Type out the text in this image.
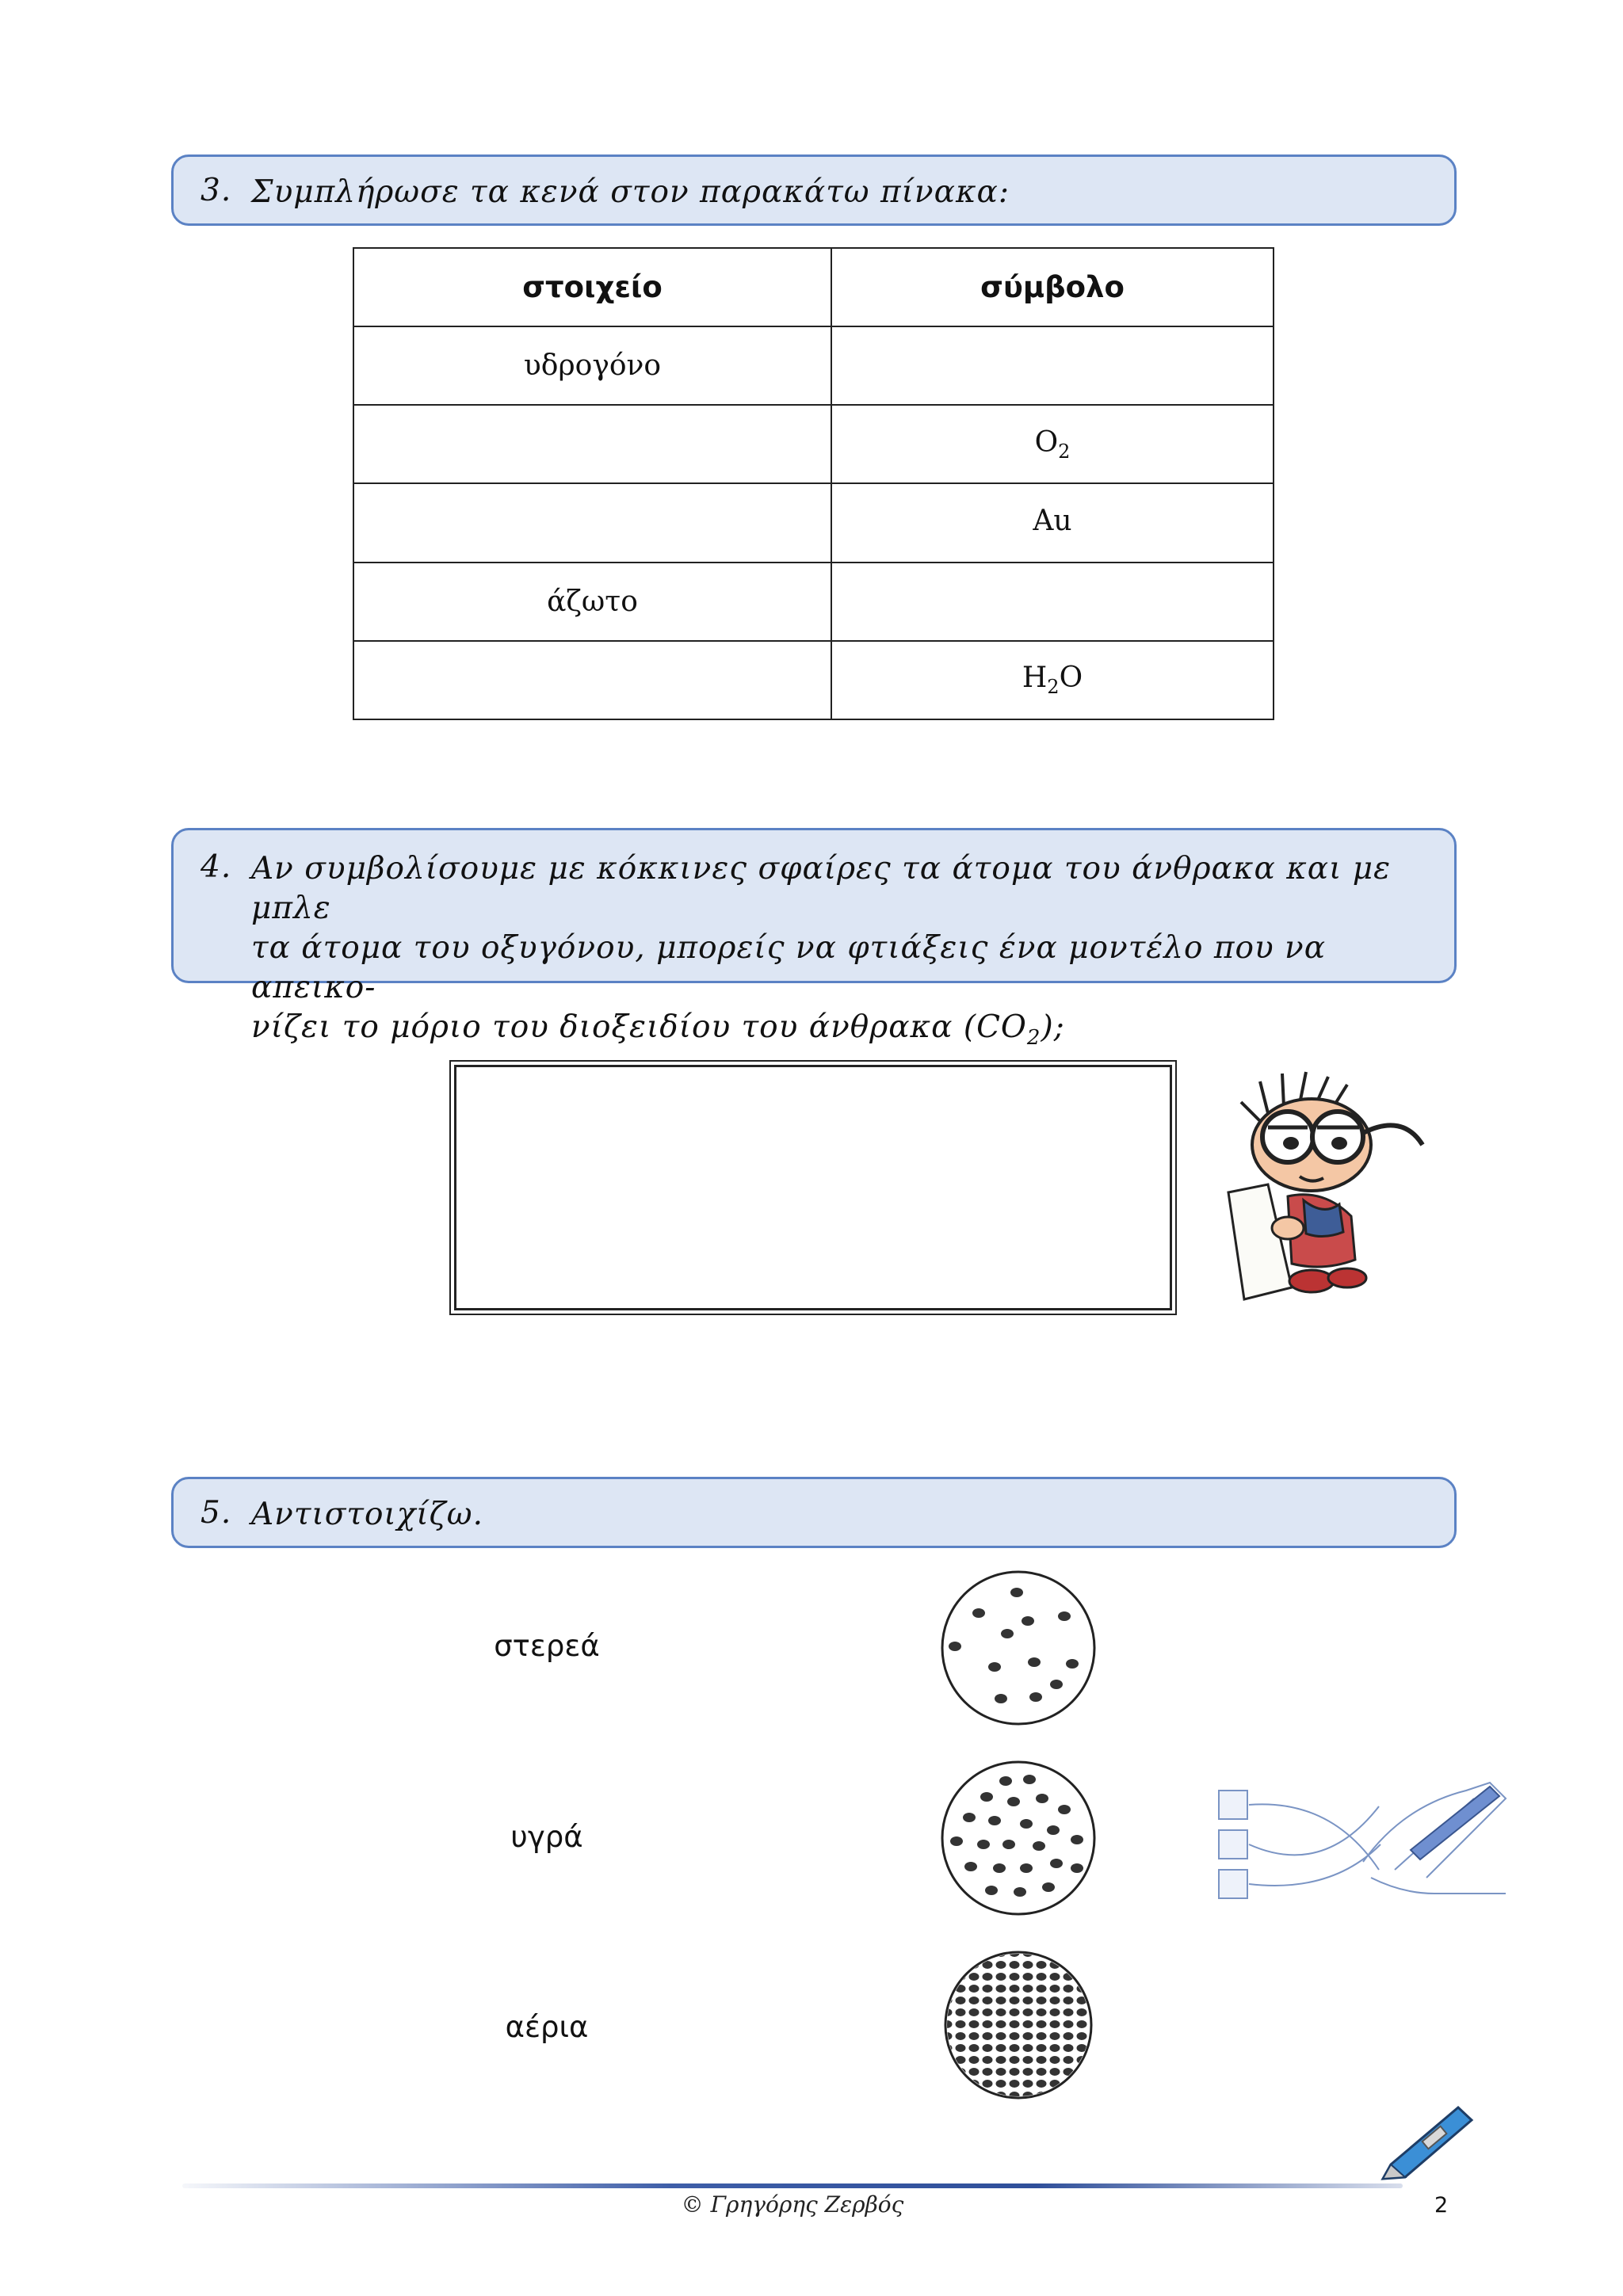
3. Συμπλήρωσε τα κενά στον παρακάτω πίνακα:
στοιχείο	σύμβολο
υδρογόνο	
	$O_2$
	Au
άζωτο	
	$H_2O$
4. Αν συμβολίσουμε με κόκκινες σφαίρες τα άτομα του άνθρακα και με μπλε
τα άτομα του οξυγόνου, μπορείς να φτιάξεις ένα μοντέλο που να απεικο-
νίζει το μόριο του διοξειδίου του άνθρακα $(CO_2)$;
5. Αντιστοιχίζω.
στερεά
υγρά
αέρια
© Γρηγόρης Ζερβός	2
